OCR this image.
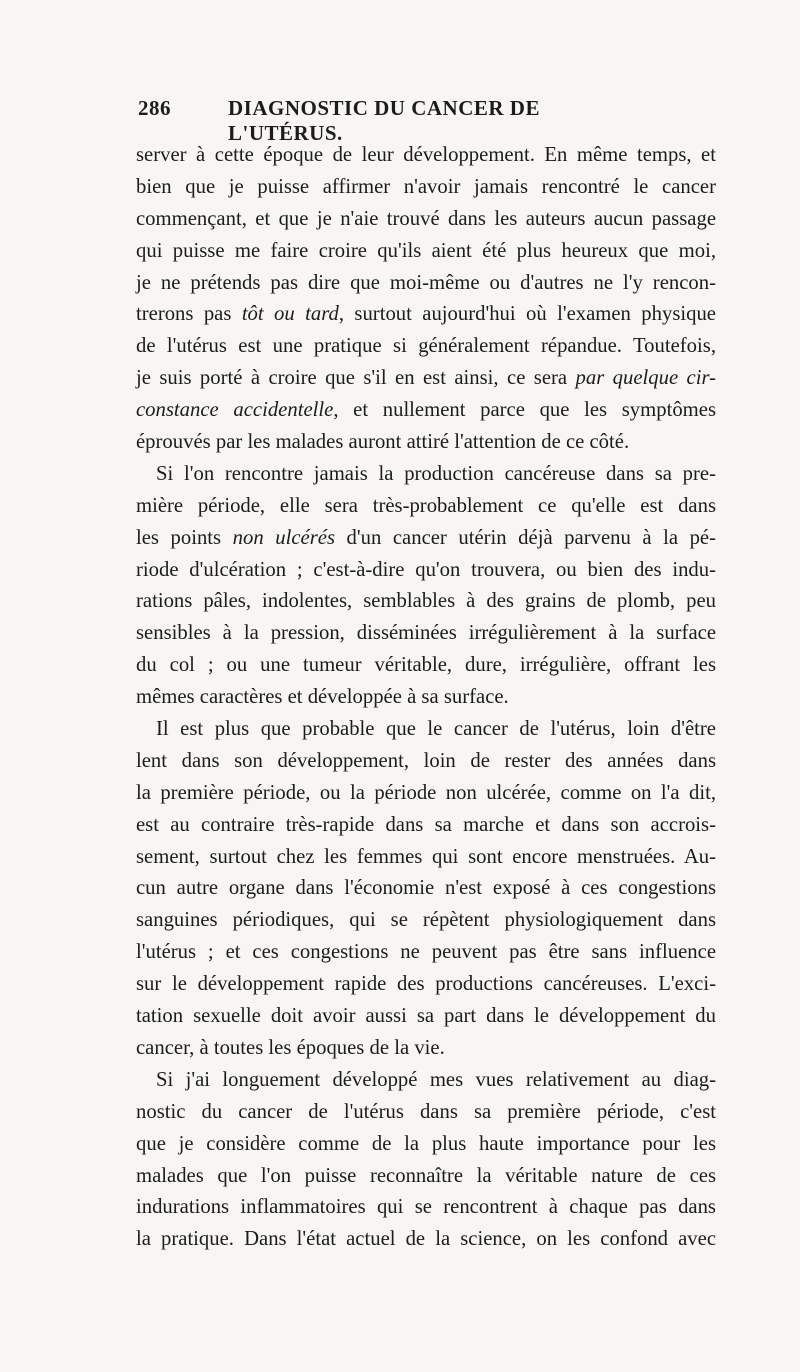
286	DIAGNOSTIC DU CANCER DE L'UTÉRUS.
server à cette époque de leur développement. En même temps, et
bien que je puisse affirmer n'avoir jamais rencontré le cancer
commençant, et que je n'aie trouvé dans les auteurs aucun passage
qui puisse me faire croire qu'ils aient été plus heureux que moi,
je ne prétends pas dire que moi-même ou d'autres ne l'y rencon-
trerons pas tôt ou tard, surtout aujourd'hui où l'examen physique
de l'utérus est une pratique si généralement répandue. Toutefois,
je suis porté à croire que s'il en est ainsi, ce sera par quelque cir-
constance accidentelle, et nullement parce que les symptômes
éprouvés par les malades auront attiré l'attention de ce côté.
Si l'on rencontre jamais la production cancéreuse dans sa pre-
mière période, elle sera très-probablement ce qu'elle est dans
les points non ulcérés d'un cancer utérin déjà parvenu à la pé-
riode d'ulcération ; c'est-à-dire qu'on trouvera, ou bien des indu-
rations pâles, indolentes, semblables à des grains de plomb, peu
sensibles à la pression, disséminées irrégulièrement à la surface
du col ; ou une tumeur véritable, dure, irrégulière, offrant les
mêmes caractères et développée à sa surface.
Il est plus que probable que le cancer de l'utérus, loin d'être
lent dans son développement, loin de rester des années dans
la première période, ou la période non ulcérée, comme on l'a dit,
est au contraire très-rapide dans sa marche et dans son accrois-
sement, surtout chez les femmes qui sont encore menstruées. Au-
cun autre organe dans l'économie n'est exposé à ces congestions
sanguines périodiques, qui se répètent physiologiquement dans
l'utérus ; et ces congestions ne peuvent pas être sans influence
sur le développement rapide des productions cancéreuses. L'exci-
tation sexuelle doit avoir aussi sa part dans le développement du
cancer, à toutes les époques de la vie.
Si j'ai longuement développé mes vues relativement au diag-
nostic du cancer de l'utérus dans sa première période, c'est
que je considère comme de la plus haute importance pour les
malades que l'on puisse reconnaître la véritable nature de ces
indurations inflammatoires qui se rencontrent à chaque pas dans
la pratique. Dans l'état actuel de la science, on les confond avec
